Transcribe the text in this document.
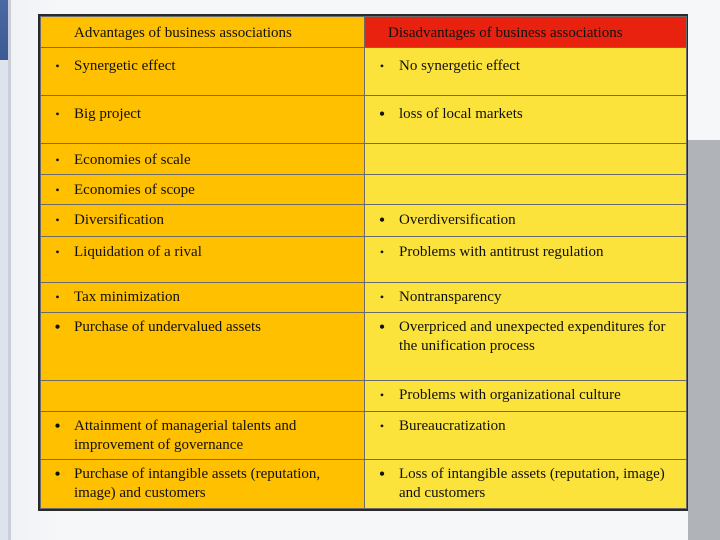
Advantages of business associations	Disadvantages of business associations

• Synergetic effect	• No synergetic effect

• Big project	• loss of local markets

• Economies of scale	

• Economies of scope	

• Diversification	• Overdiversification

• Liquidation of a rival	• Problems with antitrust regulation

• Tax minimization	• Nontransparency

• Purchase of undervalued assets	• Overpriced and unexpected expenditures for the unification process

	• Problems with organizational culture

• Attainment of managerial talents and improvement of governance	• Bureaucratization

• Purchase of intangible assets (reputation, image) and customers	• Loss of intangible assets (reputation, image) and customers
